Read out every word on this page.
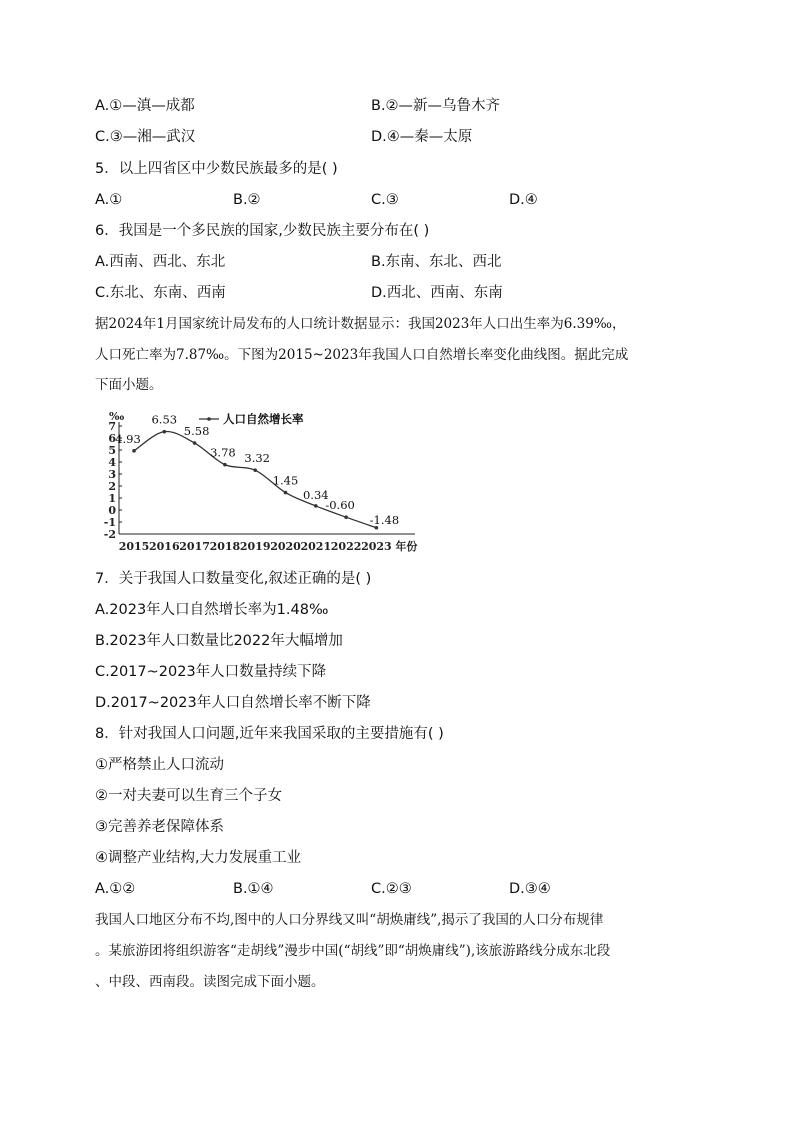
A.①—滇—成都	B.②—新—乌鲁木齐
C.③—湘—武汉	D.④—秦—太原
5．以上四省区中少数民族最多的是( )
A.①	B.②	C.③	D.④
6．我国是一个多民族的国家,少数民族主要分布在( )
A.西南、西北、东北	B.东南、东北、西北
C.东北、东南、西南	D.西北、西南、东南
据2024年1月国家统计局发布的人口统计数据显示：我国2023年人口出生率为6.39‰，
人口死亡率为7.87‰。下图为2015~2023年我国人口自然增长率变化曲线图。据此完成
下面小题。
‰
7
6
5
4
3
2
1
0
-1
-2
2015 2016 2017 2018 2019 2020 2021 2022 2023 年份
4.93
6.53
5.58
3.78 3.32
1.45
0.34
-0.60
-1.48
人口自然增长率
7．关于我国人口数量变化,叙述正确的是( )
A.2023年人口自然增长率为1.48‰
B.2023年人口数量比2022年大幅增加
C.2017~2023年人口数量持续下降
D.2017~2023年人口自然增长率不断下降
8．针对我国人口问题,近年来我国采取的主要措施有( )
①严格禁止人口流动
②一对夫妻可以生育三个子女
③完善养老保障体系
④调整产业结构,大力发展重工业
A.①②	B.①④	C.②③	D.③④
我国人口地区分布不均,图中的人口分界线又叫“胡焕庸线”,揭示了我国的人口分布规律
。某旅游团将组织游客“走胡线”漫步中国(“胡线”即“胡焕庸线”),该旅游路线分成东北段
、中段、西南段。读图完成下面小题。
